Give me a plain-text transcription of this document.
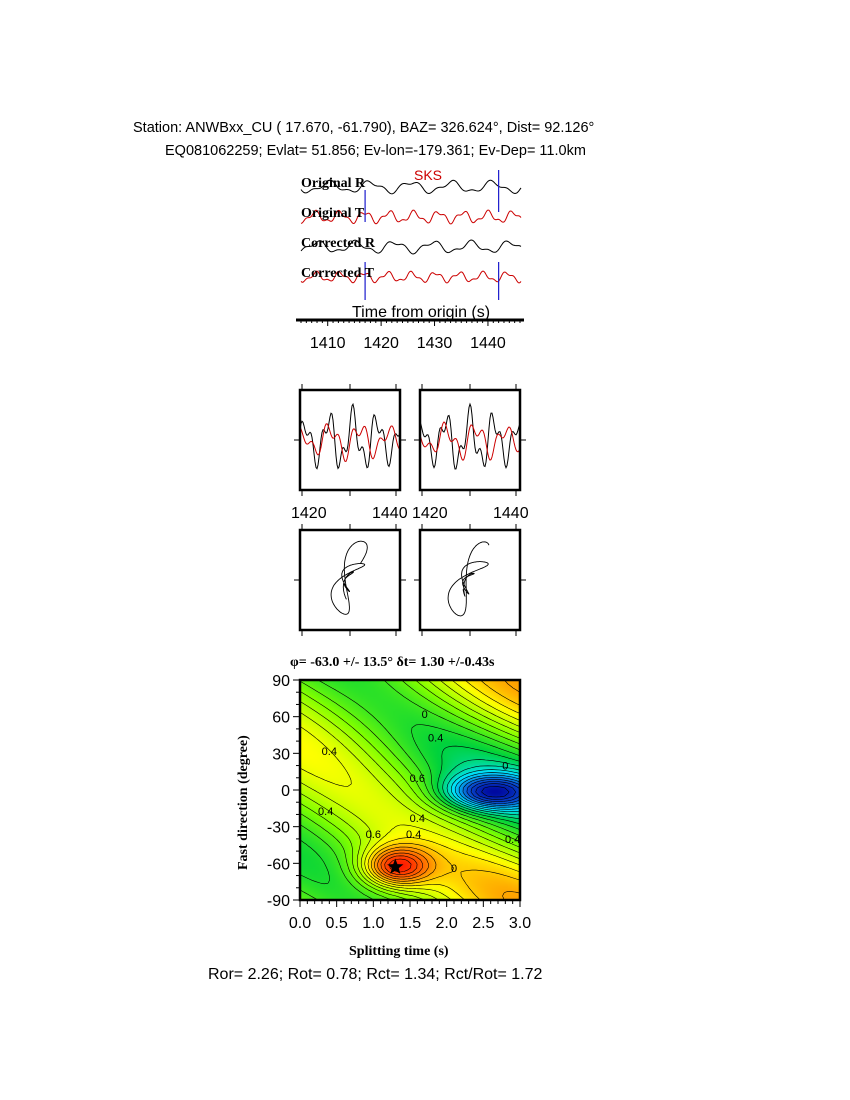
Station: ANWBxx_CU ( 17.670, -61.790), BAZ= 326.624°, Dist= 92.126°
EQ081062259; Evlat= 51.856; Ev-lon=-179.361; Ev-Dep= 11.0km
Original R
Original T
Corrected R
Corrected T
SKS
Time from origin (s)
1410 1420 1430 1440
1420	1440 1420	1440
φ= -63.0 +/- 13.5° δt= 1.30 +/-0.43s
0.4
0.4
0.4
0.4
0.6
0.6
0.4
0.4
0
0
0
0.0 0.5 1.0 1.5 2.0 2.5 3.0
90
60
30
0
-30
-60
-90
Splitting time (s)
Fast direction (degree)
Ror= 2.26; Rot= 0.78; Rct= 1.34; Rct/Rot= 1.72
